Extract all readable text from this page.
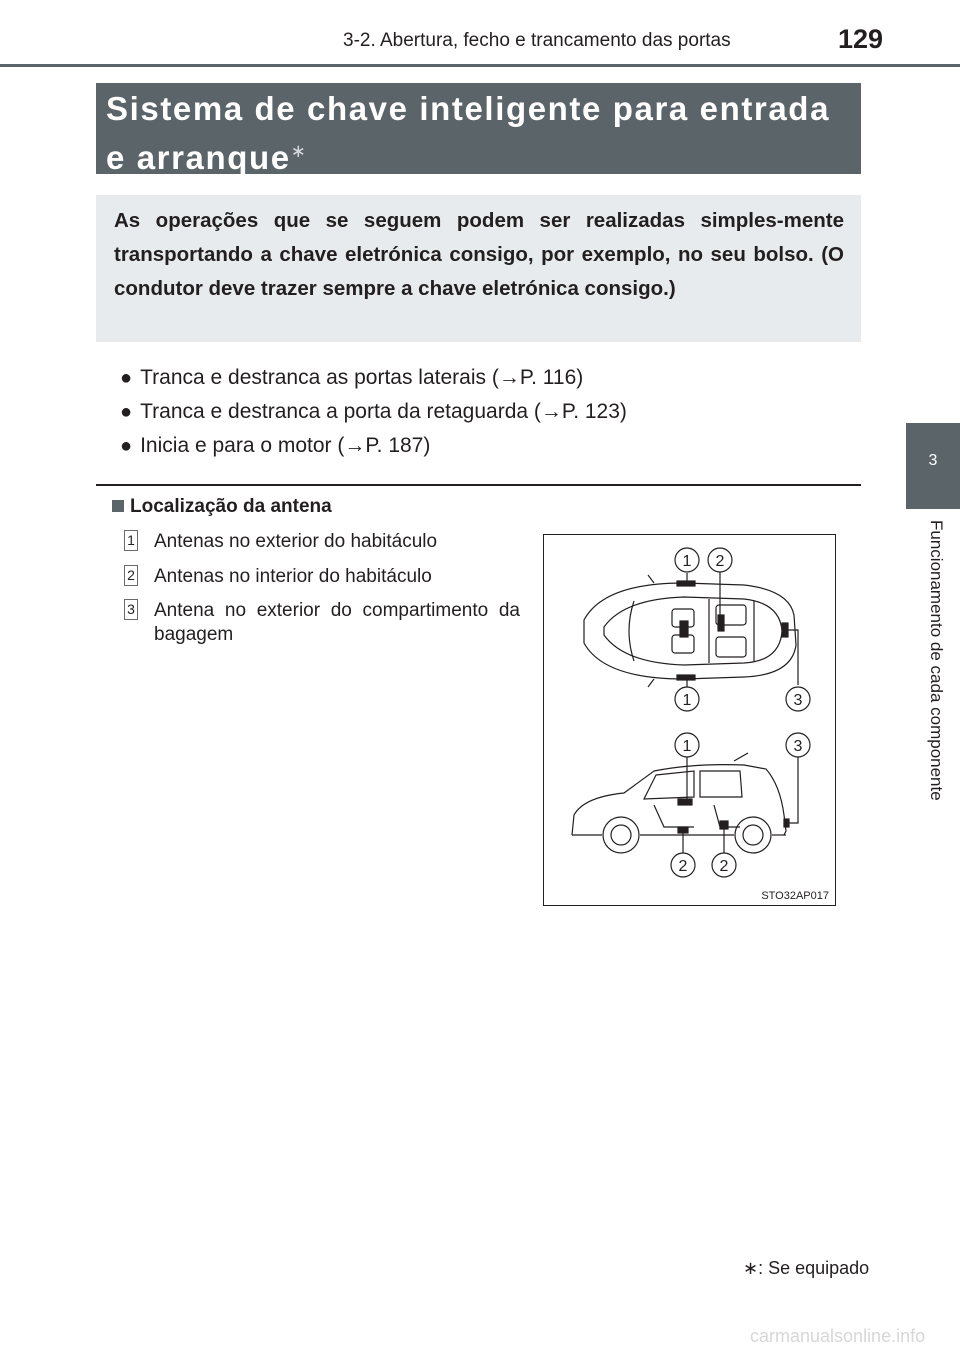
3-2. Abertura, fecho e trancamento das portas	129
3
Funcionamento de cada componente
Sistema de chave inteligente para entrada
e arranque∗
As operações que se seguem podem ser realizadas simples-mente transportando a chave eletrónica consigo, por exemplo, no seu bolso. (O condutor deve trazer sempre a chave eletrónica consigo.)
● Tranca e destranca as portas laterais (→P. 116)
● Tranca e destranca a porta da retaguarda (→P. 123)
● Inicia e para o motor (→P. 187)
Localização da antena
1 Antenas no exterior do habitáculo
2 Antenas no interior do habitáculo
3 Antena no exterior do compartimento da bagagem
1 2
1	3
1	3
2 2
STO32AP017
∗: Se equipado
carmanualsonline.info
